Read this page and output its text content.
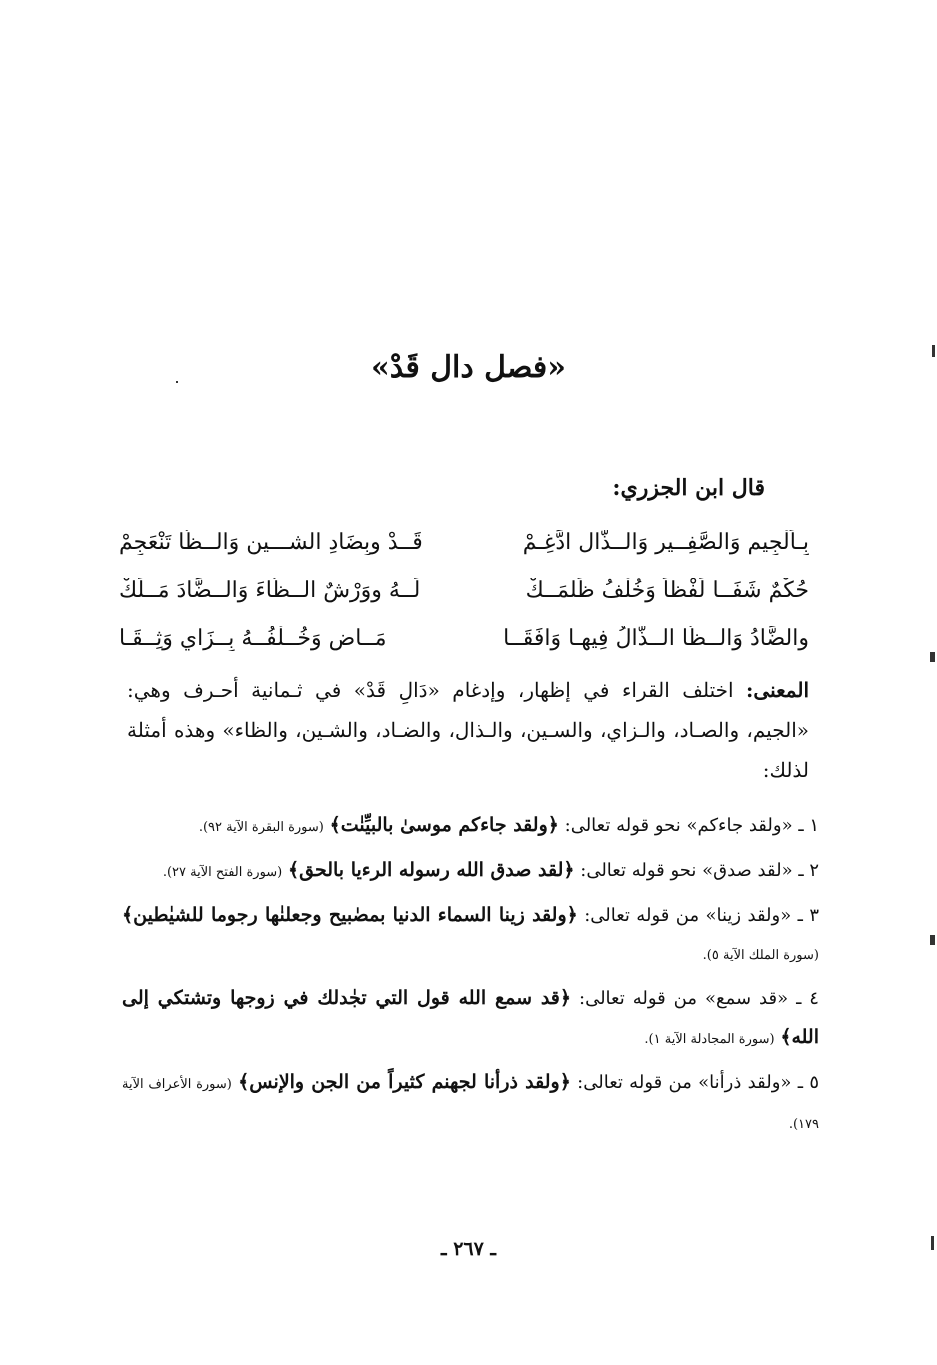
«فصل دال قَدْ»
قال ابن الجزري:
بِـاَلْجِيم وَالصَّفِــيرِ وَالــذَّال ادَّغِـمْ
قَــدْ وبِضَادِ الشـــين وَالــظَّا تَنْعَجِمْ
حُكْمٌ شَفَــا لَفْظاً وَخُلْفُ ظَلمَــكْ
لَــهُ ووَرْشٌ الــظَّاءَ وَالــضَّادَ مَــلَكْ
والضَّادُ وَالــظَّا الــذَّالُ فِيهـا وَافَقَــا
مَــاضٍ وَخُــلْفُــهُ بِــزَايٍ وَثِــقَـا
المعنى: اختلف القراء في إظهار، وإدغام «دَالِ قَدْ» في ثـمانية أحـرف وهي: «الجيم، والصـاد، والـزاي، والسـين، والـذال، والضـاد، والشـين، والظاء» وهذه أمثلة لذلك:
١ ـ «ولقد جاءكم» نحو قوله تعالى: ﴿ولقد جاءكم موسىٰ بالبيِّنٰت﴾ (سورة البقرة الآية ٩٢).
٢ ـ «لقد صدق» نحو قوله تعالى: ﴿لقد صدق الله رسوله الرءيا بالحق﴾ (سورة الفتح الآية ٢٧).
٣ ـ «ولقد زينا» من قوله تعالى: ﴿ولقد زينا السماء الدنيا بمصٰبيح وجعلنٰها رجوما للشيٰطين﴾ (سورة الملك الآية ٥).
٤ ـ «قد سمع» من قوله تعالى: ﴿قد سمع الله قول التي تجٰدلك في زوجها وتشتكي إلى الله﴾ (سورة المجادلة الآية ١).
٥ ـ «ولقد ذرأنا» من قوله تعالى: ﴿ولقد ذرأنا لجهنم كثيراً من الجن والإنس﴾ (سورة الأعراف الآية ١٧٩).
ـ ٢٦٧ ـ
